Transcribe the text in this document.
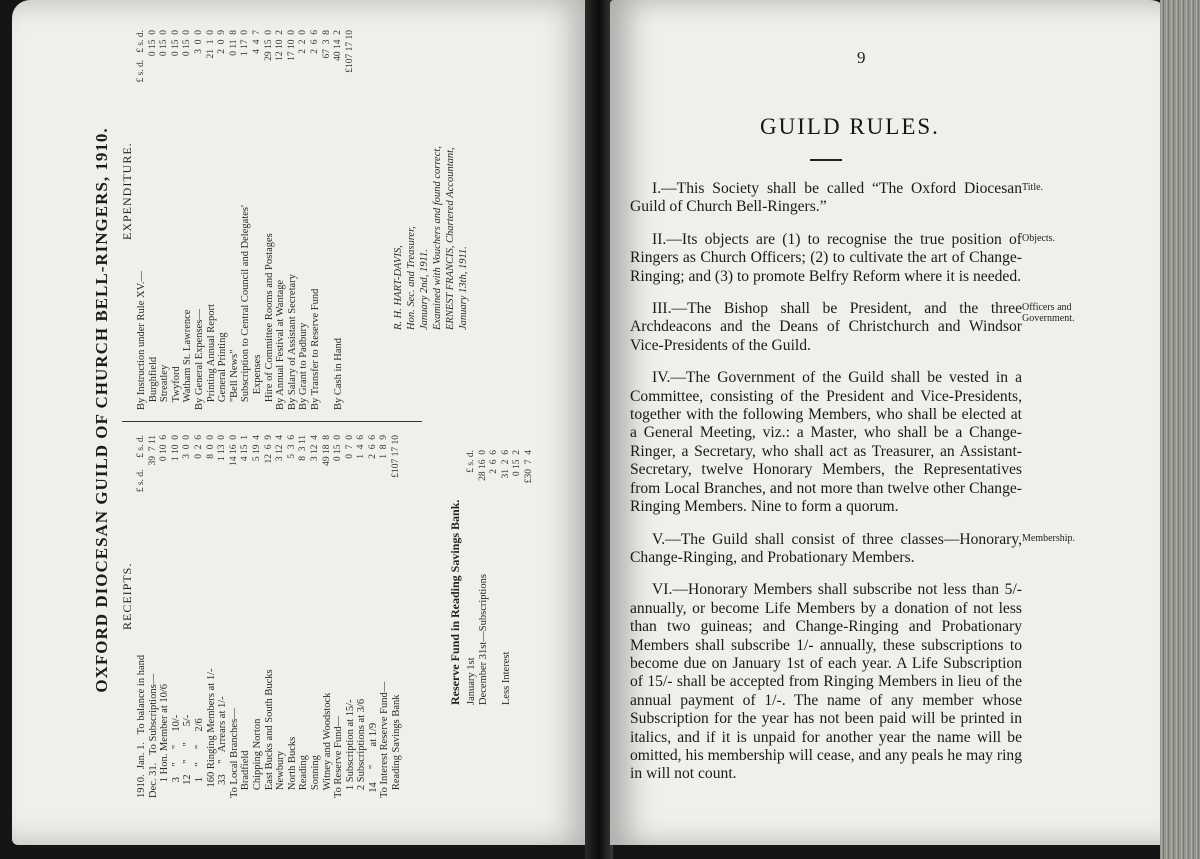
OXFORD DIOCESAN GUILD OF CHURCH BELL-RINGERS, 1910. RECEIPTS.
1910.  Jan. 1.   To balance in hand Dec. 31.   To Subscriptions— 1 Hon. Member at 10/6 3    "     "     10/- 12    "     "      5/- 1    "     "     2/6 160 Ringing Members at 1/- 33    "   Arrears at 1/- To Local Branches— Bradfield Chipping Norton East Bucks and South Bucks Newbury North Bucks Reading Sonning Witney and Woodstock To Reserve Fund— 1 Subscription at 15/- 2 Subscriptions at 3/6 14     "       at 1/9 To Interest Reserve Fund— Reading Savings Bank
£ s. d.     £ s. d. 39  7 11 0 10  6 1 10  0 3  0  0 0  2  6 8  0  0 1 13  0 14 16  0 4 15  1 5 19  4 12  6  9 3 12  4 5  3  6 8  3 11 3 12  4 49 18  8 0 15  0 0  7  0 1  4  6 2  6  6 1  8  9 £107 17 10
Reserve Fund in Reading Savings Bank. January 1st December 31st—Subscriptions
Less Interest
£ s. d. 28 16  0 2  6  6 31  2  6 0 15  2 £30  7  4
EXPENDITURE.
By Instruction under Rule XV.— Burghfield Streatley Twyford Watham St. Lawrence By General Expenses— Printing Annual Report General Printing "Bell News" Subscription to Central Council and Delegates' Expenses Hire of Committee Rooms and Postages By Annual Festival at Wantage By Salary of Assistant Secretary By Grant to Padbury By Transfer to Reserve Fund
By Cash in Hand
£ s. d.   £ s. d. 0 15  0 0 15  0 0 15  0 0 15  0 3  0  0 21  1  0 2  0  9 0 11  8 1 17  0 4  4  7 29 15  0 12 10  2 17 10  0 2  2  0 2  6  6 67  3  8 40 14  2 £107 17 10
R. H. HART-DAVIS, Hon. Sec. and Treasurer, January 2nd, 1911. Examined with Vouchers and found correct, ERNEST FRANCIS, Chartered Accountant, January 13th, 1911.
9
GUILD RULES.

I.—This Society shall be called “The Oxford Diocesan Guild of Church Bell-Ringers.”

II.—Its objects are (1) to recognise the true position of Ringers as Church Officers; (2) to cultivate the art of Change-Ringing; and (3) to promote Belfry Reform where it is needed.

III.—The Bishop shall be President, and the three Archdeacons and the Deans of Christchurch and Windsor Vice-Presidents of the Guild.

IV.—The Government of the Guild shall be vested in a Committee, consisting of the President and Vice-Presidents, together with the following Members, who shall be elected at a General Meeting, viz.: a Master, who shall be a Change-Ringer, a Secretary, who shall act as Treasurer, an Assistant-Secretary, twelve Honorary Members, the Representatives from Local Branches, and not more than twelve other Change-Ringing Members. Nine to form a quorum.

V.—The Guild shall consist of three classes—Honorary, Change-Ringing, and Probationary Members.

VI.—Honorary Members shall subscribe not less than 5/- annually, or become Life Members by a donation of not less than two guineas; and Change-Ringing and Probationary Members shall subscribe 1/- annually, these subscriptions to become due on January 1st of each year. A Life Subscription of 15/- shall be accepted from Ringing Members in lieu of the annual payment of 1/-. The name of any member whose Subscription for the year has not been paid will be printed in italics, and if it is unpaid for another year the name will be omitted, his membership will cease, and any peals he may ring in will not count.

Title.
Objects.
Officers and Government.
Membership.
